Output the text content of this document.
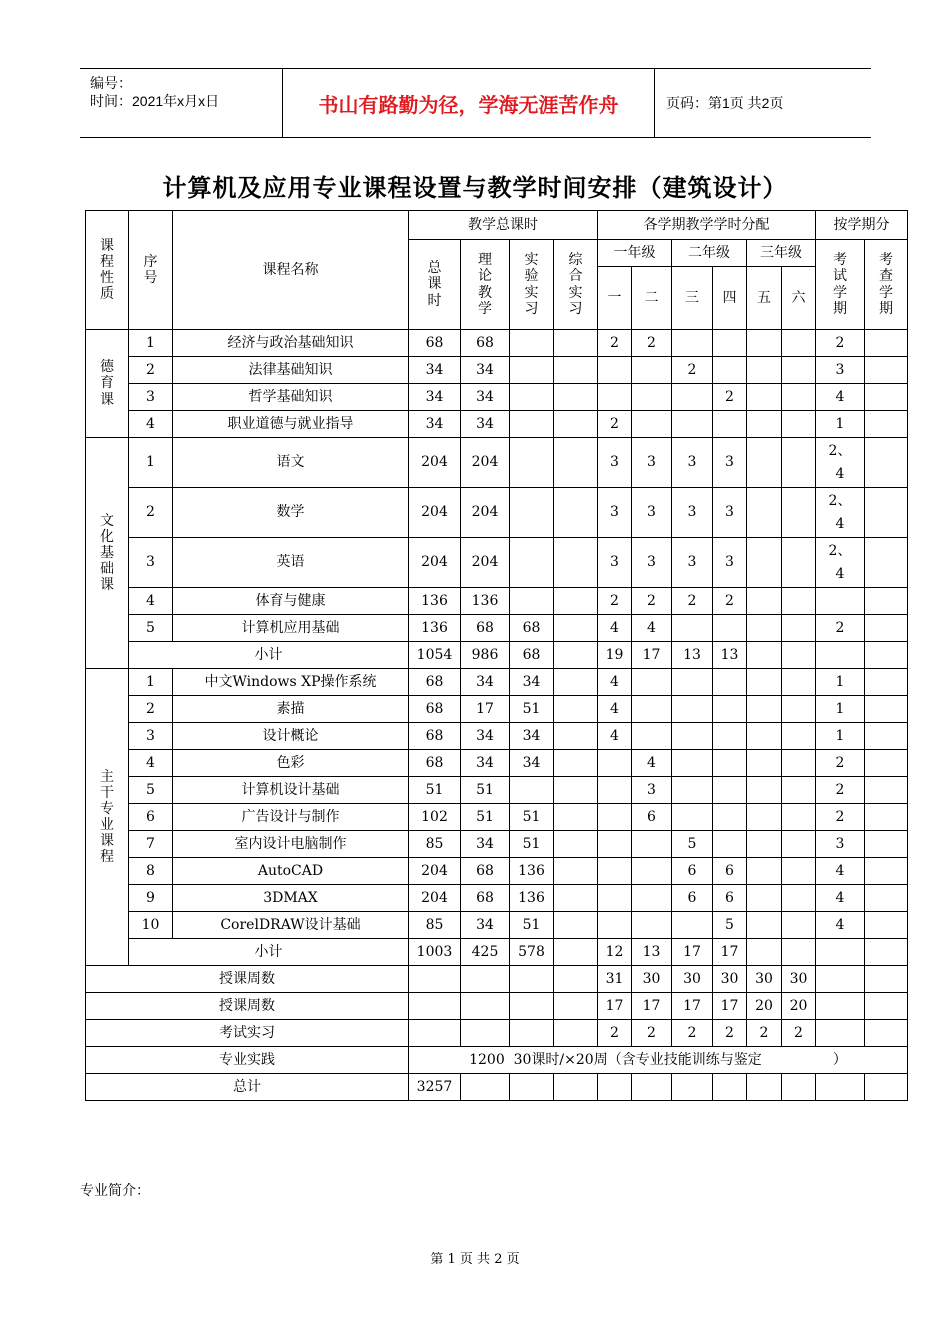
编号：
时间：2021年x月x日	书山有路勤为径，学海无涯苦作舟	页码：第1页 共2页
计算机及应用专业课程设置与教学时间安排（建筑设计）
课程性质	序号	课程名称	教学总课时				各学期教学学时分配						按学期分	

			总课时	理论教学	实验实习	综合实习	一年级		二年级		三年级		考试学期	考查学期

							一	二	三	四	五	六		

德育课	1	经济与政治基础知识	68	68			2	2					2	
	2	法律基础知识	34	34					2				3	
	3	哲学基础知识	34	34						2			4	
	4	职业道德与就业指导	34	34			2						1	

文化基础课	1	语文	204	204			3	3	3	3			2、4	

	2	数学	204	204			3	3	3	3			2、4	

	3	英语	204	204			3	3	3	3			2、4	

	4	体育与健康	136	136			2	2	2	2				
	5	计算机应用基础	136	68	68		4	4					2	
	小计		1054	986	68		19	17	13	13				

主干专业课程	1	中文Windows XP操作系统	68	34	34		4						1	
	2	素描	68	17	51		4						1	
	3	设计概论	68	34	34		4						1	
	4	色彩	68	34	34			4					2	
	5	计算机设计基础	51	51				3					2	
	6	广告设计与制作	102	51	51			6					2	
	7	室内设计电脑制作	85	34	51				5				3	
	8	AutoCAD	204	68	136				6	6			4	
	9	3DMAX	204	68	136				6	6			4	
	10	CorelDRAW设计基础	85	34	51					5			4	
	小计		1003	425	578		12	13	17	17				
授课周数							31	30	30	30	30	30		
授课周数							17	17	17	17	20	20		
考试实习							2	2	2	2	2	2		
专业实践			1200  30课时/×20周（含专业技能训练与鉴定                ）											
总计			3257											
专业简介：
第 1 页 共 2 页
